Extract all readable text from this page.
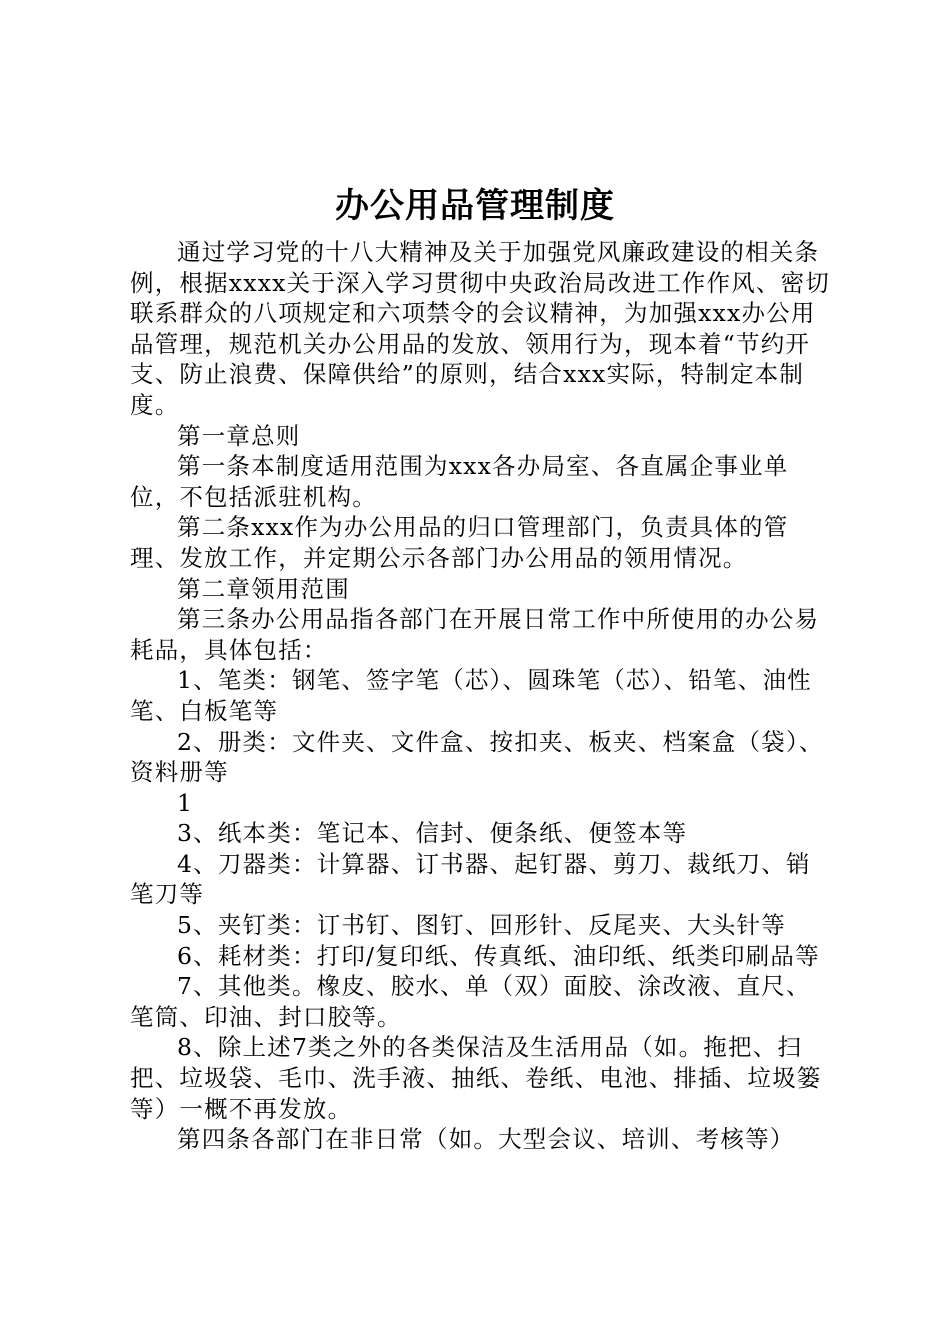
办公用品管理制度

通过学习党的十八大精神及关于加强党风廉政建设的相关条例，根据xxxx关于深入学习贯彻中央政治局改进工作作风、密切联系群众的八项规定和六项禁令的会议精神，为加强xxx办公用品管理，规范机关办公用品的发放、领用行为，现本着“节约开支、防止浪费、保障供给”的原则，结合xxx实际，特制定本制度。

第一章总则

第一条本制度适用范围为xxx各办局室、各直属企事业单位，不包括派驻机构。

第二条xxx作为办公用品的归口管理部门，负责具体的管理、发放工作，并定期公示各部门办公用品的领用情况。

第二章领用范围

第三条办公用品指各部门在开展日常工作中所使用的办公易耗品，具体包括：

1、笔类：钢笔、签字笔（芯）、圆珠笔（芯）、铅笔、油性笔、白板笔等

2、册类：文件夹、文件盒、按扣夹、板夹、档案盒（袋）、资料册等

1

3、纸本类：笔记本、信封、便条纸、便签本等

4、刀器类：计算器、订书器、起钉器、剪刀、裁纸刀、销笔刀等

5、夹钉类：订书钉、图钉、回形针、反尾夹、大头针等

6、耗材类：打印/复印纸、传真纸、油印纸、纸类印刷品等

7、其他类。橡皮、胶水、单（双）面胶、涂改液、直尺、笔筒、印油、封口胶等。

8、除上述7类之外的各类保洁及生活用品（如。拖把、扫把、垃圾袋、毛巾、洗手液、抽纸、卷纸、电池、排插、垃圾篓等）一概不再发放。

第四条各部门在非日常（如。大型会议、培训、考核等）
